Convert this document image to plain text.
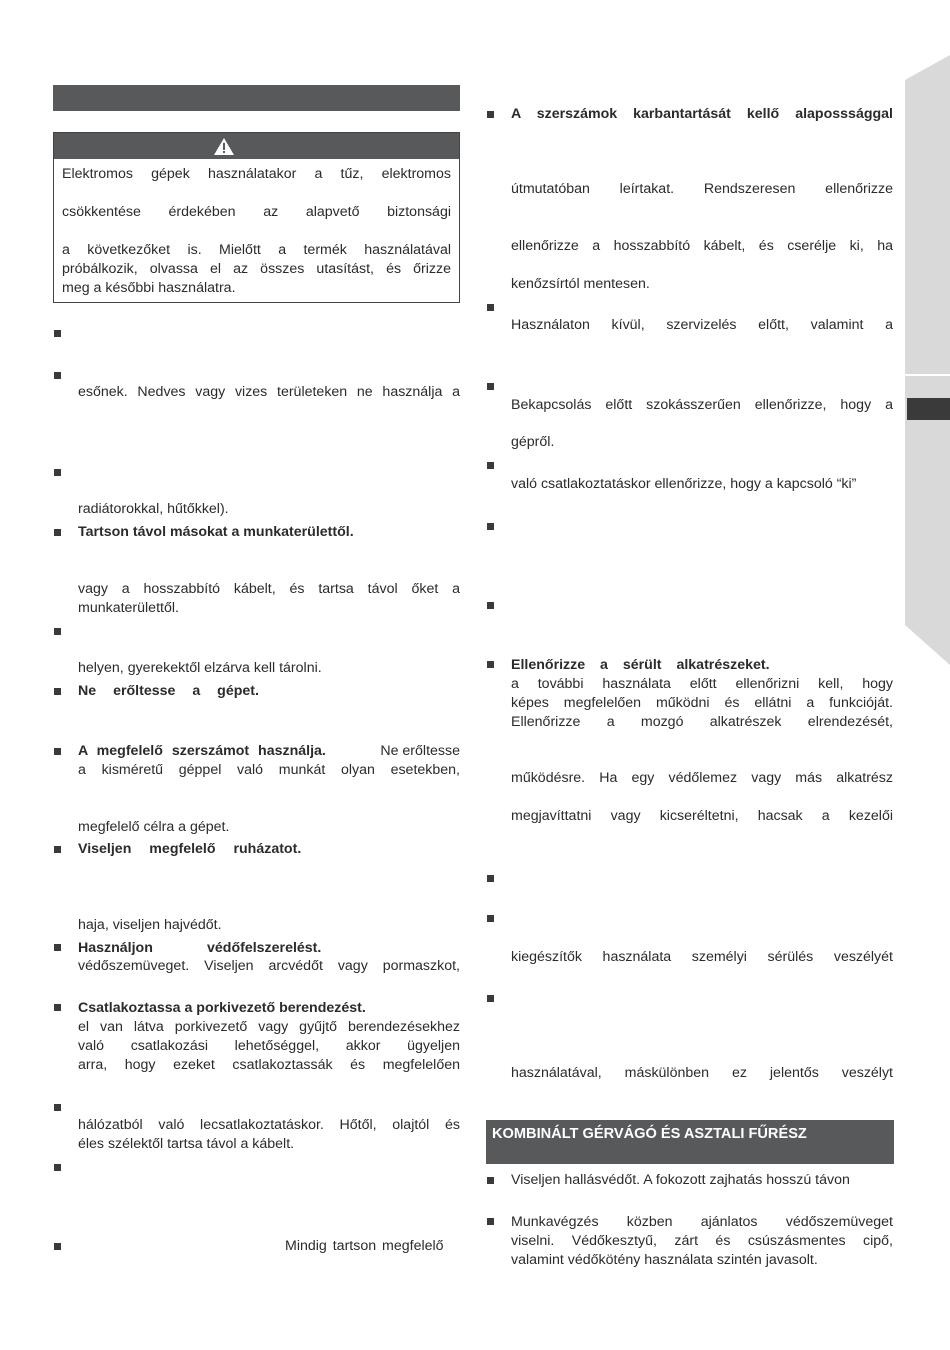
Elektromos gépek használatakor a tűz, elektromos
csökkentése érdekében az alapvető biztonsági
a következőket is. Mielőtt a termék használatával
próbálkozik, olvassa el az összes utasítást, és őrizze
meg a későbbi használatra.
esőnek. Nedves vagy vizes területeken ne használja a
radiátorokkal, hűtőkkel).
Tartson távol másokat a munkaterülettől.
vagy a hosszabbító kábelt, és tartsa távol őket a
munkaterülettől.
helyen, gyerekektől elzárva kell tárolni.
Ne erőltesse a gépet.
A megfelelő szerszámot használja.	Ne erőltesse
a kisméretű géppel való munkát olyan esetekben,
megfelelő célra a gépet.
Viseljen megfelelő ruházatot.
haja, viseljen hajvédőt.
Használjon	védőfelszerelést.
védőszemüveget. Viseljen arcvédőt vagy pormaszkot,
Csatlakoztassa a porkivezető berendezést.
el van látva porkivezető vagy gyűjtő berendezésekhez
való csatlakozási lehetőséggel, akkor ügyeljen
arra, hogy ezeket csatlakoztassák és megfelelően
hálózatból való lecsatlakoztatáskor. Hőtől, olajtól és
éles szélektől tartsa távol a kábelt.
Mindig tartson megfelelő
A szerszámok karbantartását kellő alaposssággal
útmutatóban leírtakat. Rendszeresen ellenőrizze
ellenőrizze a hosszabbító kábelt, és cserélje ki, ha
kenőzsírtól mentesen.
Használaton kívül, szervizelés előtt, valamint a
Bekapcsolás előtt szokásszerűen ellenőrizze, hogy a
gépről.
való csatlakoztatáskor ellenőrizze, hogy a kapcsoló “ki”
Ellenőrizze a sérült alkatrészeket.
a további használata előtt ellenőrizni kell, hogy
képes megfelelően működni és ellátni a funkcióját.
Ellenőrizze a mozgó alkatrészek elrendezését,
működésre. Ha egy védőlemez vagy más alkatrész
megjavíttatni vagy kicseréltetni, hacsak a kezelői
kiegészítők használata személyi sérülés veszélyét
használatával, máskülönben ez jelentős veszélyt
KOMBINÁLT GÉRVÁGÓ ÉS ASZTALI FŰRÉSZ
Viseljen hallásvédőt. A fokozott zajhatás hosszú távon
Munkavégzés közben ajánlatos védőszemüveget
viselni. Védőkesztyű, zárt és csúszásmentes cipő,
valamint védőkötény használata szintén javasolt.
